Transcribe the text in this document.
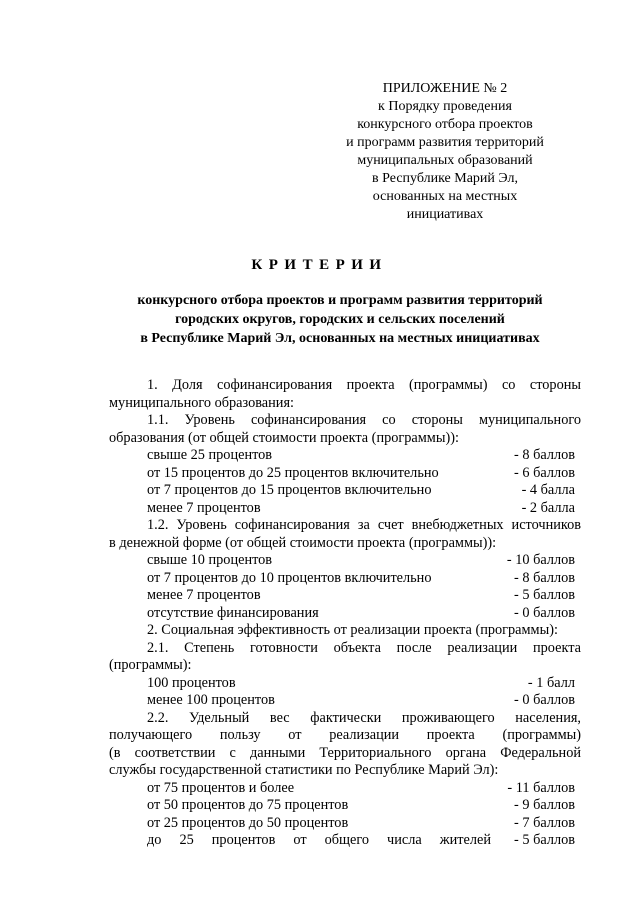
ПРИЛОЖЕНИЕ № 2
к Порядку проведения
конкурсного отбора проектов
и программ развития территорий
муниципальных образований
в Республике Марий Эл,
основанных на местных
инициативах
КРИТЕРИИ
конкурсного отбора проектов и программ развития территорий
городских округов, городских и сельских поселений
в Республике Марий Эл, основанных на местных инициативах
1. Доля софинансирования проекта (программы) со стороны
муниципального образования:
1.1. Уровень софинансирования со стороны муниципального
образования (от общей стоимости проекта (программы)):
свыше 25 процентов	- 8 баллов
от 15 процентов до 25 процентов включительно	- 6 баллов
от 7 процентов до 15 процентов включительно	- 4 балла
менее 7 процентов	- 2 балла
1.2. Уровень софинансирования за счет внебюджетных источников
в денежной форме (от общей стоимости проекта (программы)):
свыше 10 процентов	- 10 баллов
от 7 процентов до 10 процентов включительно	- 8 баллов
менее 7 процентов	- 5 баллов
отсутствие финансирования	- 0 баллов
2. Социальная эффективность от реализации проекта (программы):
2.1. Степень готовности объекта после реализации проекта
(программы):
100 процентов	- 1 балл
менее 100 процентов	- 0 баллов
2.2. Удельный вес фактически проживающего населения,
получающего пользу от реализации проекта (программы)
(в соответствии с данными Территориального органа Федеральной
службы государственной статистики по Республике Марий Эл):
от 75 процентов и более	- 11 баллов
от 50 процентов до 75 процентов	- 9 баллов
от 25 процентов до 50 процентов	- 7 баллов
до 25 процентов от общего числа жителей - 5 баллов
